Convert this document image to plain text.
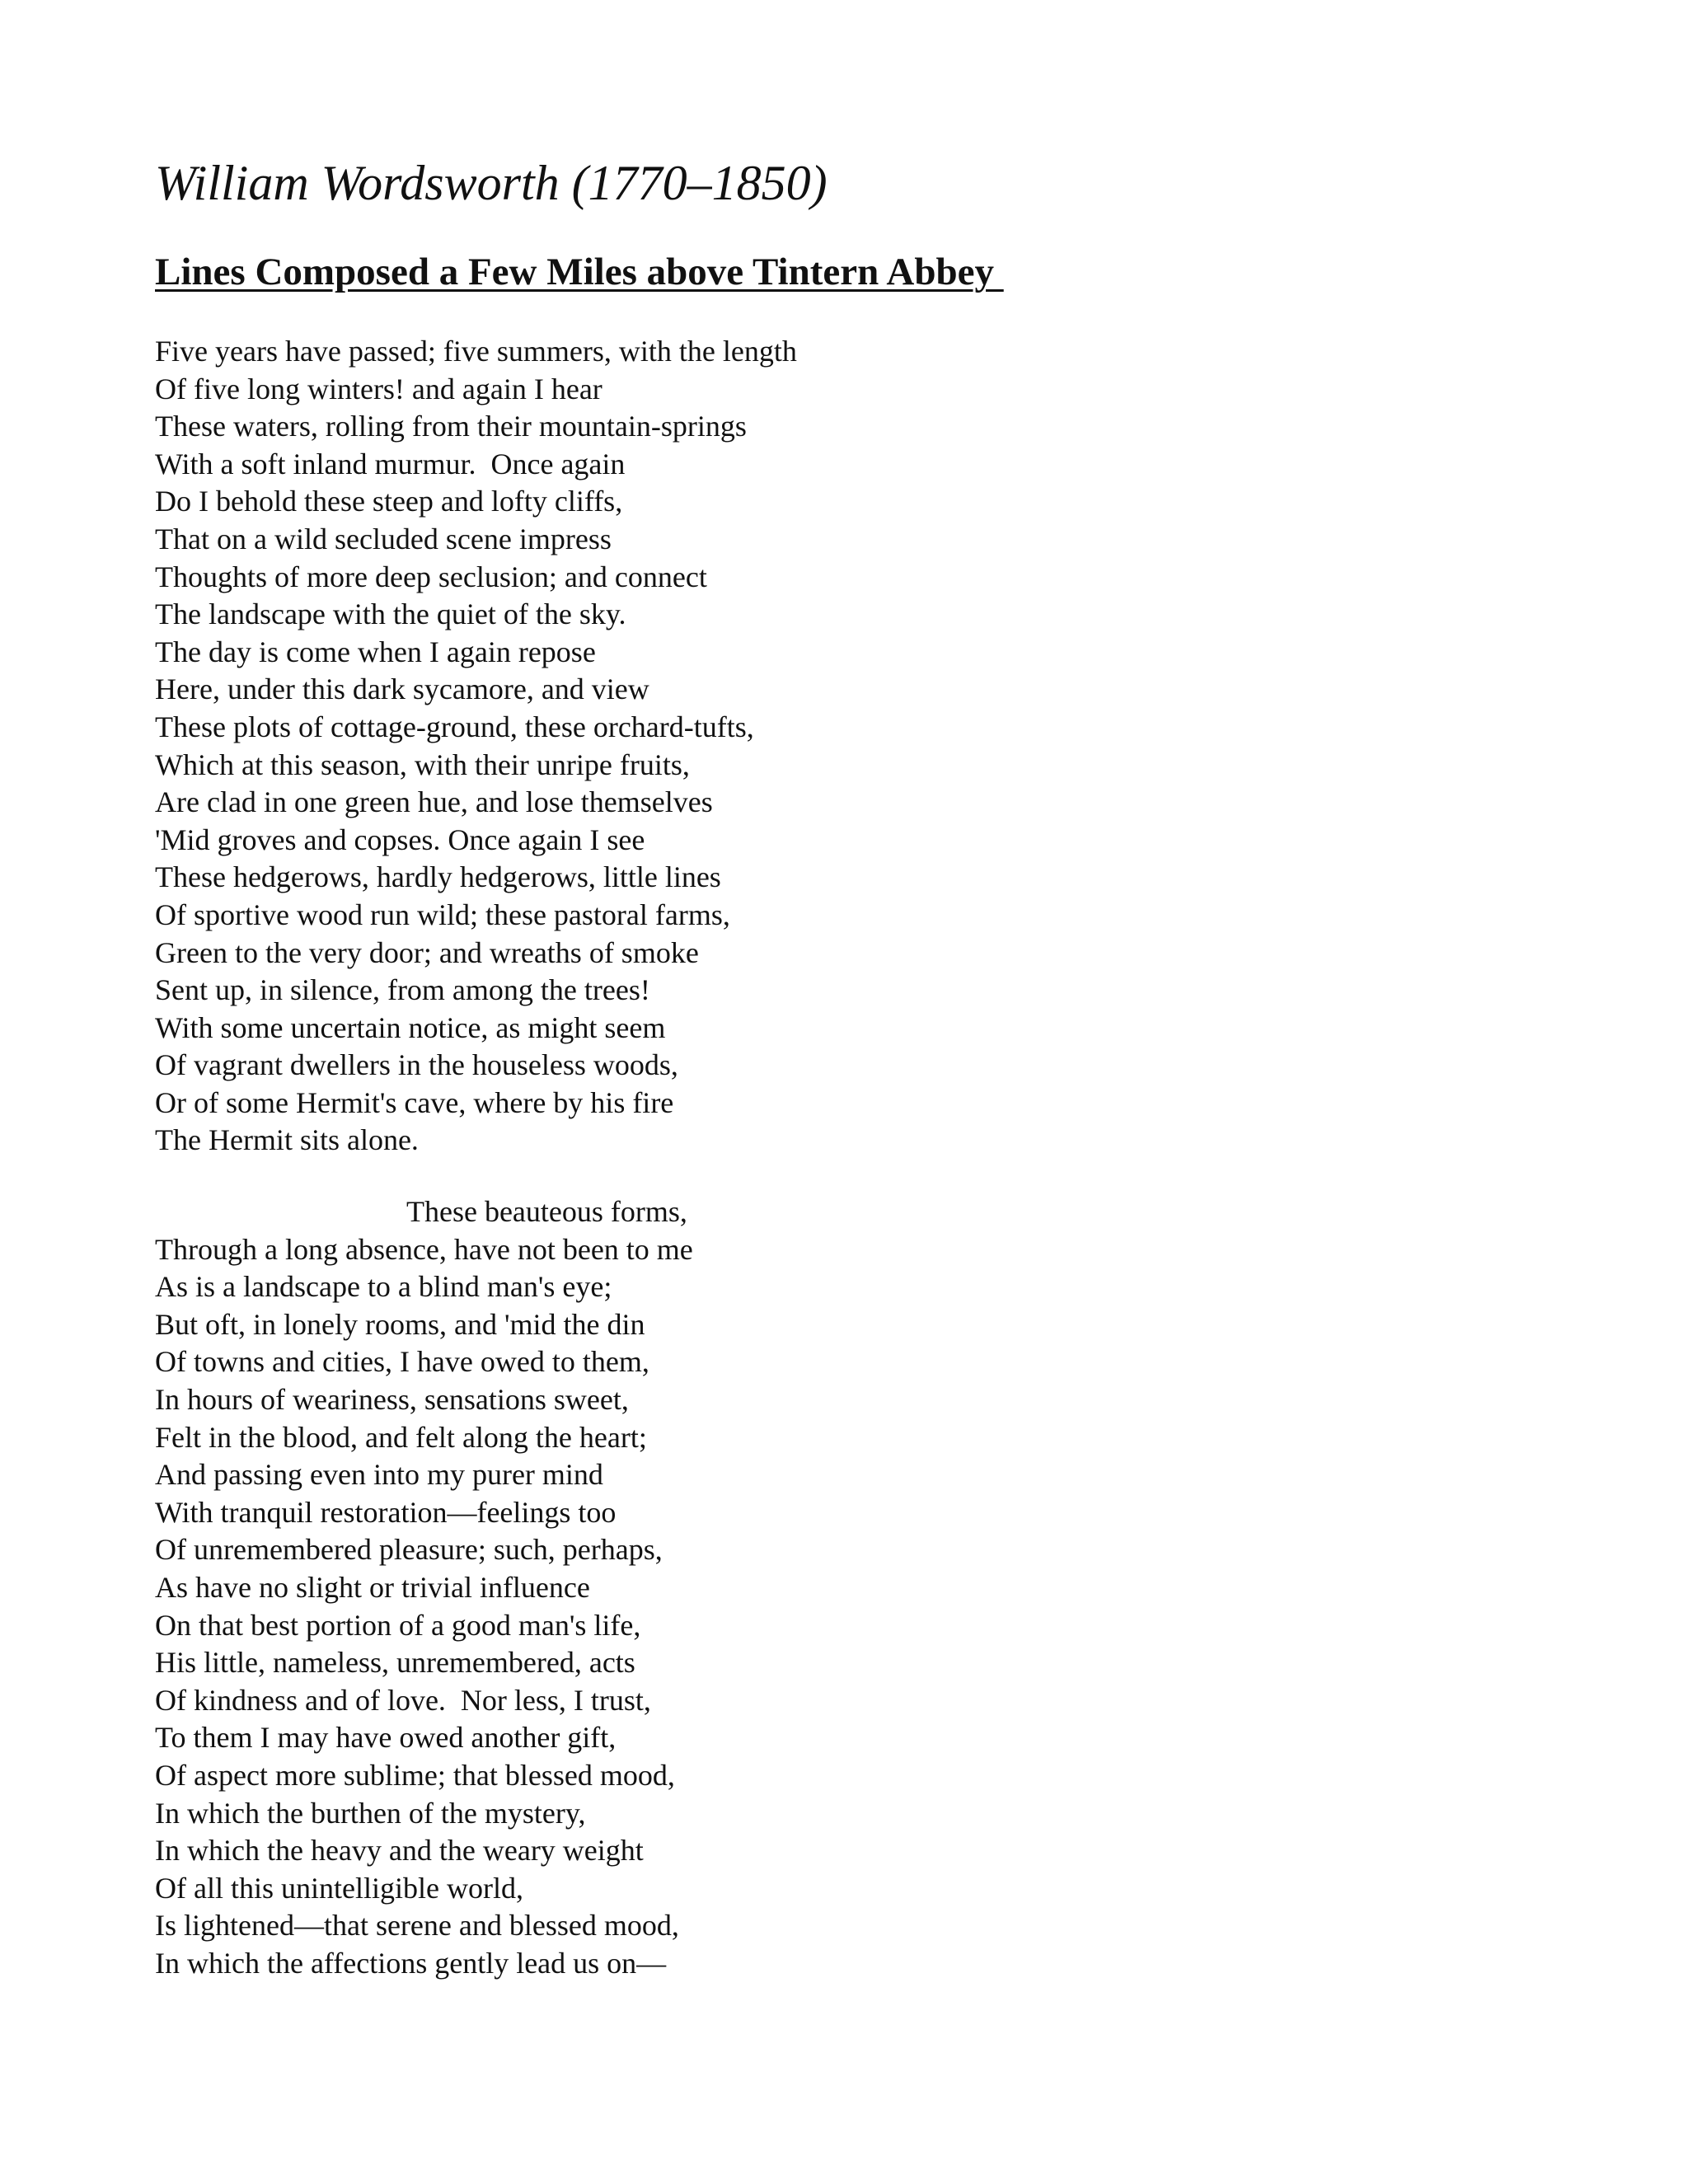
William Wordsworth (1770–1850)
Lines Composed a Few Miles above Tintern Abbey
Five years have passed; five summers, with the length
Of five long winters! and again I hear
These waters, rolling from their mountain-springs
With a soft inland murmur.  Once again
Do I behold these steep and lofty cliffs,
That on a wild secluded scene impress
Thoughts of more deep seclusion; and connect
The landscape with the quiet of the sky.
The day is come when I again repose
Here, under this dark sycamore, and view
These plots of cottage-ground, these orchard-tufts,
Which at this season, with their unripe fruits,
Are clad in one green hue, and lose themselves
'Mid groves and copses. Once again I see
These hedgerows, hardly hedgerows, little lines
Of sportive wood run wild; these pastoral farms,
Green to the very door; and wreaths of smoke
Sent up, in silence, from among the trees!
With some uncertain notice, as might seem
Of vagrant dwellers in the houseless woods,
Or of some Hermit's cave, where by his fire
The Hermit sits alone.
These beauteous forms,
Through a long absence, have not been to me
As is a landscape to a blind man's eye;
But oft, in lonely rooms, and 'mid the din
Of towns and cities, I have owed to them,
In hours of weariness, sensations sweet,
Felt in the blood, and felt along the heart;
And passing even into my purer mind
With tranquil restoration—feelings too
Of unremembered pleasure; such, perhaps,
As have no slight or trivial influence
On that best portion of a good man's life,
His little, nameless, unremembered, acts
Of kindness and of love.  Nor less, I trust,
To them I may have owed another gift,
Of aspect more sublime; that blessed mood,
In which the burthen of the mystery,
In which the heavy and the weary weight
Of all this unintelligible world,
Is lightened—that serene and blessed mood,
In which the affections gently lead us on—
